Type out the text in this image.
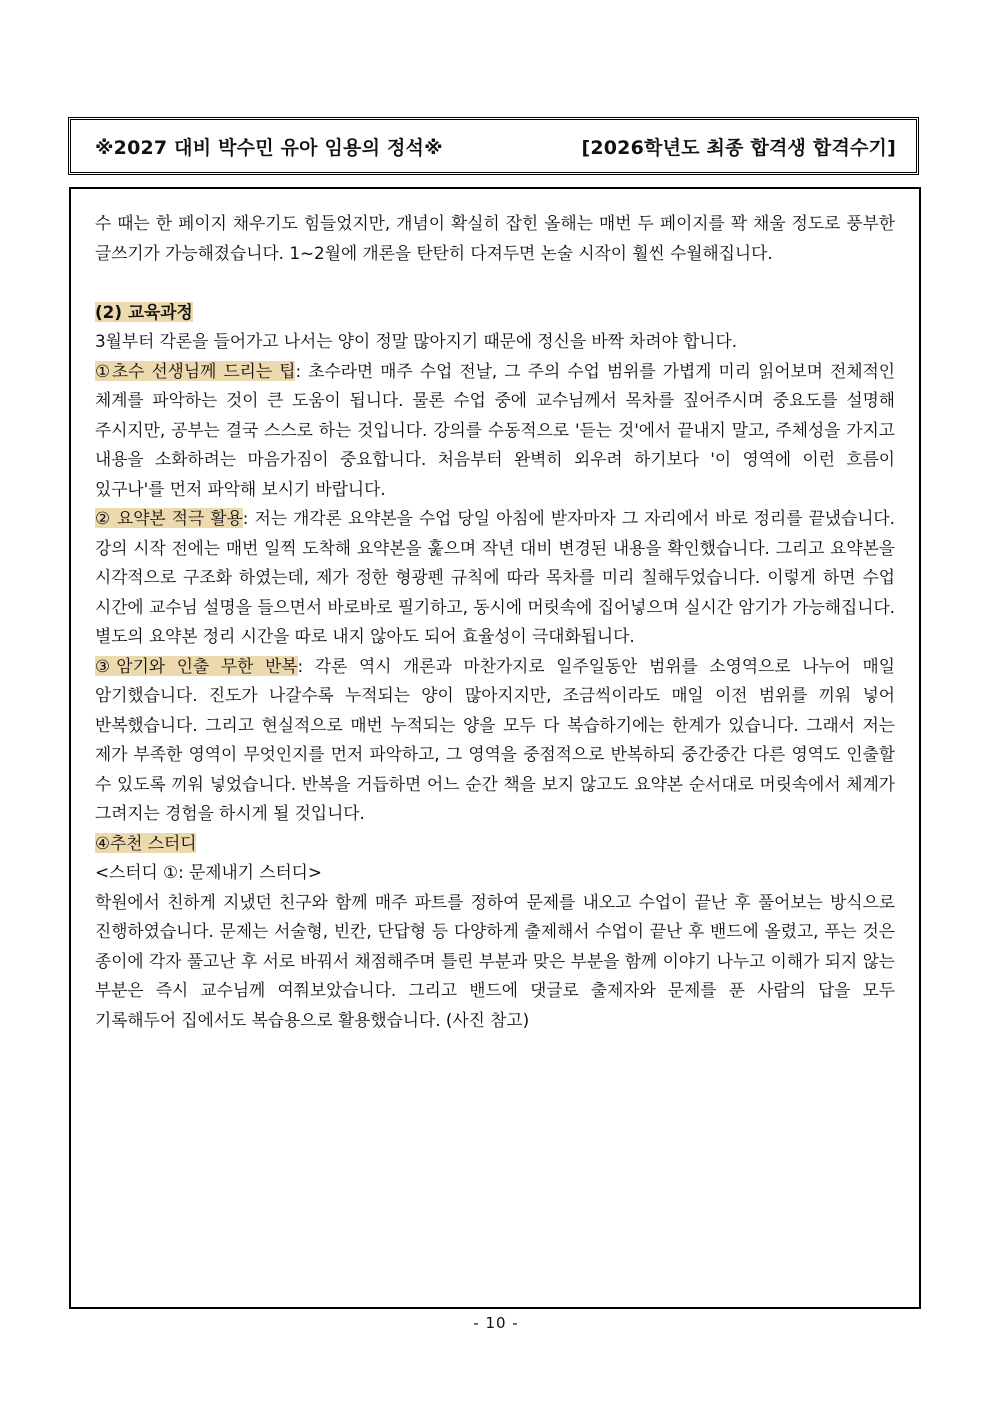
※2027 대비 박수민 유아 임용의 정석※	[2026학년도 최종 합격생 합격수기]

수 때는 한 페이지 채우기도 힘들었지만, 개념이 확실히 잡힌 올해는 매번 두 페이지를 꽉 채울 정도로 풍부한 글쓰기가 가능해졌습니다. 1~2월에 개론을 탄탄히 다져두면 논술 시작이 훨씬 수월해집니다.

(2) 교육과정

3월부터 각론을 들어가고 나서는 양이 정말 많아지기 때문에 정신을 바짝 차려야 합니다.

①초수 선생님께 드리는 팁: 초수라면 매주 수업 전날, 그 주의 수업 범위를 가볍게 미리 읽어보며 전체적인 체계를 파악하는 것이 큰 도움이 됩니다. 물론 수업 중에 교수님께서 목차를 짚어주시며 중요도를 설명해 주시지만, 공부는 결국 스스로 하는 것입니다. 강의를 수동적으로 '듣는 것'에서 끝내지 말고, 주체성을 가지고 내용을 소화하려는 마음가짐이 중요합니다. 처음부터 완벽히 외우려 하기보다 '이 영역에 이런 흐름이 있구나'를 먼저 파악해 보시기 바랍니다.

② 요약본 적극 활용: 저는 개각론 요약본을 수업 당일 아침에 받자마자 그 자리에서 바로 정리를 끝냈습니다. 강의 시작 전에는 매번 일찍 도착해 요약본을 훑으며 작년 대비 변경된 내용을 확인했습니다. 그리고 요약본을 시각적으로 구조화 하였는데, 제가 정한 형광펜 규칙에 따라 목차를 미리 칠해두었습니다. 이렇게 하면 수업 시간에 교수님 설명을 들으면서 바로바로 필기하고, 동시에 머릿속에 집어넣으며 실시간 암기가 가능해집니다. 별도의 요약본 정리 시간을 따로 내지 않아도 되어 효율성이 극대화됩니다.

③암기와 인출 무한 반복: 각론 역시 개론과 마찬가지로 일주일동안 범위를 소영역으로 나누어 매일 암기했습니다. 진도가 나갈수록 누적되는 양이 많아지지만, 조금씩이라도 매일 이전 범위를 끼워 넣어 반복했습니다. 그리고 현실적으로 매번 누적되는 양을 모두 다 복습하기에는 한계가 있습니다. 그래서 저는 제가 부족한 영역이 무엇인지를 먼저 파악하고, 그 영역을 중점적으로 반복하되 중간중간 다른 영역도 인출할 수 있도록 끼워 넣었습니다. 반복을 거듭하면 어느 순간 책을 보지 않고도 요약본 순서대로 머릿속에서 체계가 그려지는 경험을 하시게 될 것입니다.

④추천 스터디

<스터디 ①: 문제내기 스터디>

학원에서 친하게 지냈던 친구와 함께 매주 파트를 정하여 문제를 내오고 수업이 끝난 후 풀어보는 방식으로 진행하였습니다. 문제는 서술형, 빈칸, 단답형 등 다양하게 출제해서 수업이 끝난 후 밴드에 올렸고, 푸는 것은 종이에 각자 풀고난 후 서로 바꿔서 채점해주며 틀린 부분과 맞은 부분을 함께 이야기 나누고 이해가 되지 않는 부분은 즉시 교수님께 여쭤보았습니다. 그리고 밴드에 댓글로 출제자와 문제를 푼 사람의 답을 모두 기록해두어 집에서도 복습용으로 활용했습니다. (사진 참고)

- 10 -
